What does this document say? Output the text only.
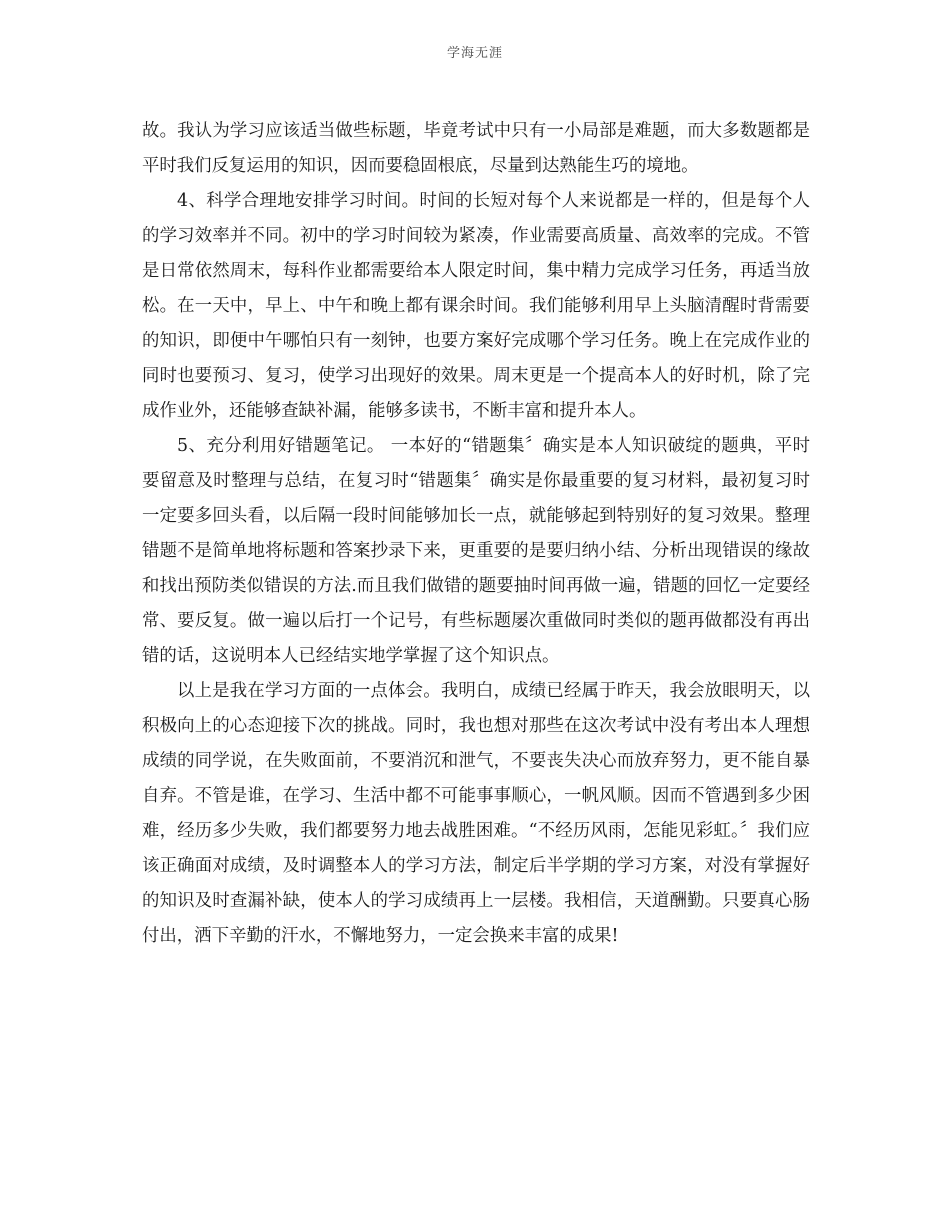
学海无涯

故。我认为学习应该适当做些标题，毕竟考试中只有一小局部是难题，而大多数题都是平时我们反复运用的知识，因而要稳固根底，尽量到达熟能生巧的境地。

4、科学合理地安排学习时间。时间的长短对每个人来说都是一样的，但是每个人的学习效率并不同。初中的学习时间较为紧凑，作业需要高质量、高效率的完成。不管是日常依然周末，每科作业都需要给本人限定时间，集中精力完成学习任务，再适当放松。在一天中，早上、中午和晚上都有课余时间。我们能够利用早上头脑清醒时背需要的知识，即便中午哪怕只有一刻钟，也要方案好完成哪个学习任务。晚上在完成作业的同时也要预习、复习，使学习出现好的效果。周末更是一个提高本人的好时机，除了完成作业外，还能够查缺补漏，能够多读书，不断丰富和提升本人。

5、充分利用好错题笔记。 一本好的“错题集〞确实是本人知识破绽的题典，平时要留意及时整理与总结，在复习时“错题集〞确实是你最重要的复习材料，最初复习时一定要多回头看，以后隔一段时间能够加长一点，就能够起到特别好的复习效果。整理错题不是简单地将标题和答案抄录下来，更重要的是要归纳小结、分析出现错误的缘故和找出预防类似错误的方法.而且我们做错的题要抽时间再做一遍，错题的回忆一定要经常、要反复。做一遍以后打一个记号，有些标题屡次重做同时类似的题再做都没有再出错的话，这说明本人已经结实地学掌握了这个知识点。

以上是我在学习方面的一点体会。我明白，成绩已经属于昨天，我会放眼明天，以积极向上的心态迎接下次的挑战。同时，我也想对那些在这次考试中没有考出本人理想成绩的同学说，在失败面前，不要消沉和泄气，不要丧失决心而放弃努力，更不能自暴自弃。不管是谁，在学习、生活中都不可能事事顺心，一帆风顺。因而不管遇到多少困难，经历多少失败，我们都要努力地去战胜困难。“不经历风雨，怎能见彩虹。〞我们应该正确面对成绩，及时调整本人的学习方法，制定后半学期的学习方案，对没有掌握好的知识及时查漏补缺，使本人的学习成绩再上一层楼。我相信，天道酬勤。只要真心肠付出，洒下辛勤的汗水，不懈地努力，一定会换来丰富的成果!
